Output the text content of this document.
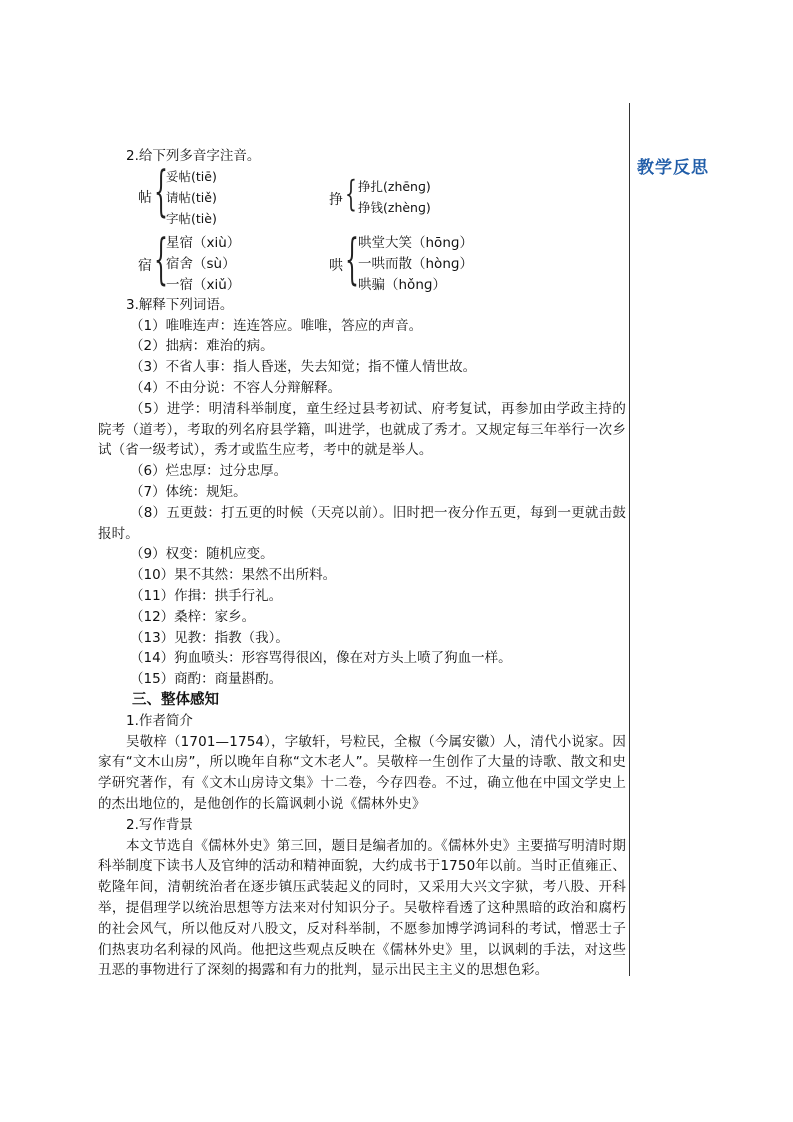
教学反思
2.给下列多音字注音。
帖 {
妥帖(tiē)
请帖(tiě)
字帖(tiè)
挣 { 挣扎(zhēnɡ)
挣钱(zhènɡ)
宿 {
星宿（xiù）
宿舍（sù）
一宿（xiǔ）
哄 { 哄堂大笑（hōnɡ）
一哄而散（hònɡ）
哄骗（hǒnɡ）
3.解释下列词语。
（1）唯唯连声：连连答应。唯唯，答应的声音。
（2）拙病：难治的病。
（3）不省人事：指人昏迷，失去知觉；指不懂人情世故。
（4）不由分说：不容人分辩解释。
（5）进学：明清科举制度，童生经过县考初试、府考复试，再参加由学政主持的院考（道考），考取的列名府县学籍，叫进学，也就成了秀才。又规定每三年举行一次乡试（省一级考试），秀才或监生应考，考中的就是举人。
（6）烂忠厚：过分忠厚。
（7）体统：规矩。
（8）五更鼓：打五更的时候（天亮以前）。旧时把一夜分作五更，每到一更就击鼓报时。
（9）权变：随机应变。
（10）果不其然：果然不出所料。
（11）作揖：拱手行礼。
（12）桑梓：家乡。
（13）见教：指教（我）。
（14）狗血喷头：形容骂得很凶，像在对方头上喷了狗血一样。
（15）商酌：商量斟酌。
三、整体感知
1.作者简介
吴敬梓（1701—1754），字敏轩，号粒民，全椒（今属安徽）人，清代小说家。因家有“文木山房”，所以晚年自称“文木老人”。吴敬梓一生创作了大量的诗歌、散文和史学研究著作，有《文木山房诗文集》十二卷，今存四卷。不过，确立他在中国文学史上的杰出地位的，是他创作的长篇讽刺小说《儒林外史》
2.写作背景
本文节选自《儒林外史》第三回，题目是编者加的。《儒林外史》主要描写明清时期科举制度下读书人及官绅的活动和精神面貌，大约成书于1750年以前。当时正值雍正、乾隆年间，清朝统治者在逐步镇压武装起义的同时，又采用大兴文字狱，考八股、开科举，提倡理学以统治思想等方法来对付知识分子。吴敬梓看透了这种黑暗的政治和腐朽的社会风气，所以他反对八股文，反对科举制，不愿参加博学鸿词科的考试，憎恶士子们热衷功名利禄的风尚。他把这些观点反映在《儒林外史》里，以讽刺的手法，对这些丑恶的事物进行了深刻的揭露和有力的批判，显示出民主主义的思想色彩。
